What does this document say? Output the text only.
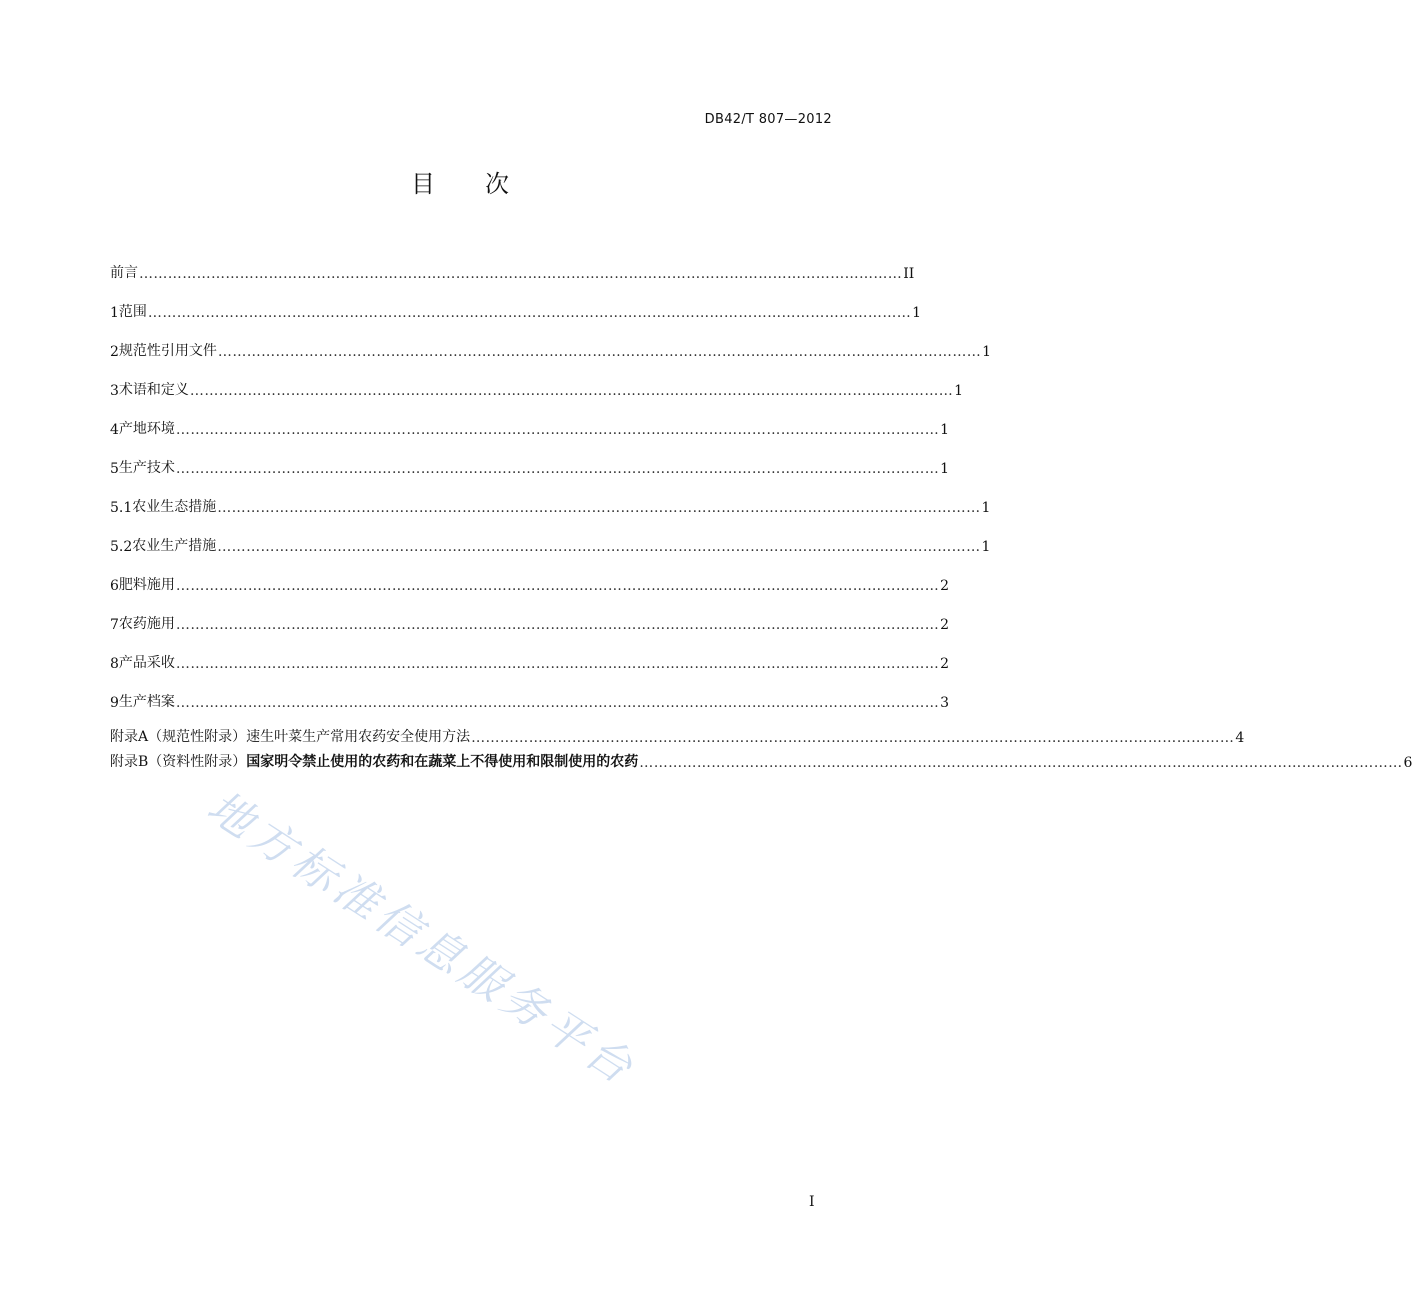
DB42/T 807—2012
目 次
前言 …………………………………………………………………………………………………………………………………………… II
1 范围 …………………………………………………………………………………………………………………………………………… 1
2 规范性引用文件 …………………………………………………………………………………………………………………………………………… 1
3 术语和定义 …………………………………………………………………………………………………………………………………………… 1
4 产地环境 …………………………………………………………………………………………………………………………………………… 1
5 生产技术 …………………………………………………………………………………………………………………………………………… 1
5.1 农业生态措施 …………………………………………………………………………………………………………………………………………… 1
5.2 农业生产措施 …………………………………………………………………………………………………………………………………………… 1
6 肥料施用 …………………………………………………………………………………………………………………………………………… 2
7 农药施用 …………………………………………………………………………………………………………………………………………… 2
8 产品采收 …………………………………………………………………………………………………………………………………………… 2
9 生产档案 …………………………………………………………………………………………………………………………………………… 3
附录A（规范性附录）速生叶菜生产常用农药安全使用方法 …………………………………………………………………………………………………………………………………………… 4
附录B（资料性附录） 国家明令禁止使用的农药和在蔬菜上不得使用和限制使用的农药 …………………………………………………………………………………………………………………………………………… 6
地方标准信息服务平台
I
